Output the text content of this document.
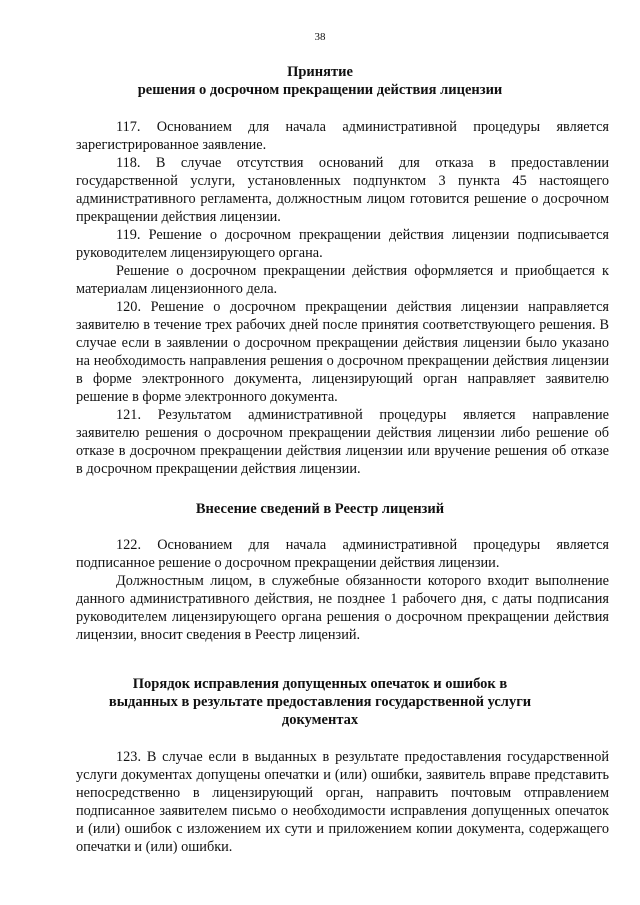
38
Принятие
решения о досрочном прекращении действия лицензии

117. Основанием для начала административной процедуры является зарегистрированное заявление.

118. В случае отсутствия оснований для отказа в предоставлении государственной услуги, установленных подпунктом 3 пункта 45 настоящего административного регламента, должностным лицом готовится решение о досрочном прекращении действия лицензии.

119. Решение о досрочном прекращении действия лицензии подписывается руководителем лицензирующего органа.

Решение о досрочном прекращении действия оформляется и приобщается к материалам лицензионного дела.

120. Решение о досрочном прекращении действия лицензии направляется заявителю в течение трех рабочих дней после принятия соответствующего решения. В случае если в заявлении о досрочном прекращении действия лицензии было указано на необходимость направления решения о досрочном прекращении действия лицензии в форме электронного документа, лицензирующий орган направляет заявителю решение в форме электронного документа.

121. Результатом административной процедуры является направление заявителю решения о досрочном прекращении действия лицензии либо решение об отказе в досрочном прекращении действия лицензии или вручение решения об отказе в досрочном прекращении действия лицензии.

Внесение сведений в Реестр лицензий

122. Основанием для начала административной процедуры является подписанное решение о досрочном прекращении действия лицензии.

Должностным лицом, в служебные обязанности которого входит выполнение данного административного действия, не позднее 1 рабочего дня, с даты подписания руководителем лицензирующего органа решения о досрочном прекращении действия лицензии, вносит сведения в Реестр лицензий.

Порядок исправления допущенных опечаток и ошибок в
выданных в результате предоставления государственной услуги
документах

123. В случае если в выданных в результате предоставления государственной услуги документах допущены опечатки и (или) ошибки, заявитель вправе представить непосредственно в лицензирующий орган, направить почтовым отправлением подписанное заявителем письмо о необходимости исправления допущенных опечаток и (или) ошибок с изложением их сути и приложением копии документа, содержащего опечатки и (или) ошибки.
